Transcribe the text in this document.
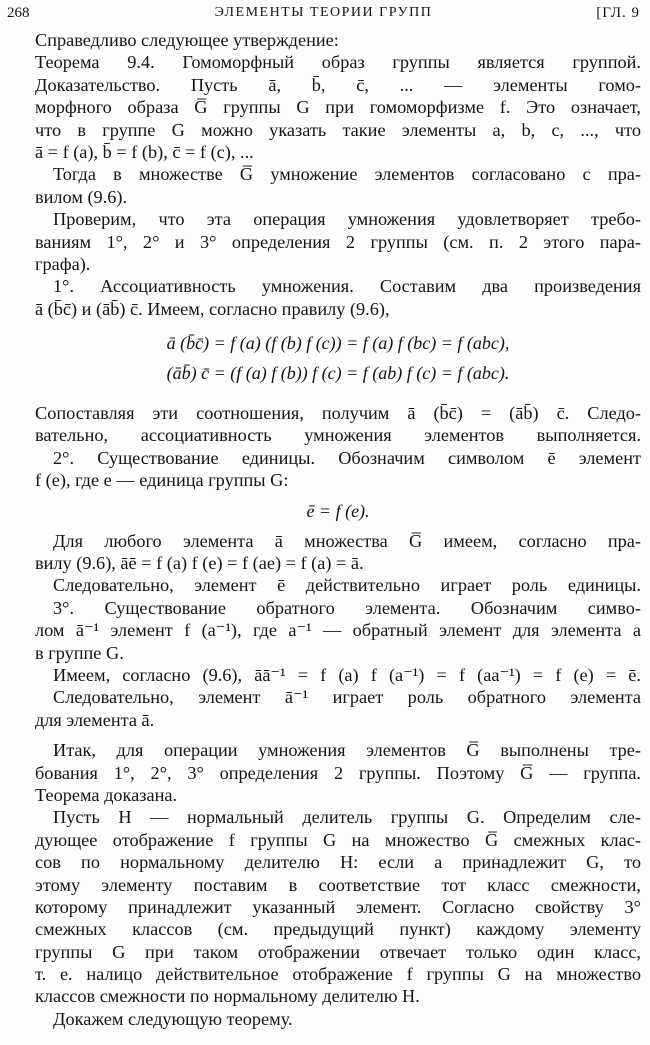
268	ЭЛЕМЕНТЫ ТЕОРИИ ГРУПП	[ГЛ. 9
Справедливо следующее утверждение:
Теорема 9.4. Гомоморфный образ группы является группой.
Доказательство. Пусть ā, b̄, c̄, ... — элементы гомо-
морфного образа G̅ группы G при гомоморфизме f. Это означает,
что в группе G можно указать такие элементы a, b, c, ..., что
ā = f (a), b̄ = f (b), c̄ = f (c), ...
Тогда в множестве G̅ умножение элементов согласовано с пра-
вилом (9.6).
Проверим, что эта операция умножения удовлетворяет требо-
ваниям 1°, 2° и 3° определения 2 группы (см. п. 2 этого пара-
графа).
1°. Ассоциативность умножения. Составим два произведения
ā (b̄c̄) и (āb̄) c̄. Имеем, согласно правилу (9.6),
ā (b̄c̄) = f (a) (f (b) f (c)) = f (a) f (bc) = f (abc),
(āb̄) c̄ = (f (a) f (b)) f (c) = f (ab) f (c) = f (abc).
Сопоставляя эти соотношения, получим ā (b̄c̄) = (āb̄) c̄. Следо-
вательно, ассоциативность умножения элементов выполняется.
2°. Существование единицы. Обозначим символом ē элемент
f (e), где e — единица группы G:
ē = f (e).
Для любого элемента ā множества G̅ имеем, согласно пра-
вилу (9.6), āē = f (a) f (e) = f (ae) = f (a) = ā.
Следовательно, элемент ē действительно играет роль единицы.
3°. Существование обратного элемента. Обозначим симво-
лом ā⁻¹ элемент f (a⁻¹), где a⁻¹ — обратный элемент для элемента a
в группе G.
Имеем, согласно (9.6), āā⁻¹ = f (a) f (a⁻¹) = f (aa⁻¹) = f (e) = ē.
Следовательно, элемент ā⁻¹ играет роль обратного элемента
для элемента ā.
Итак, для операции умножения элементов G̅ выполнены тре-
бования 1°, 2°, 3° определения 2 группы. Поэтому G̅ — группа.
Теорема доказана.
Пусть H — нормальный делитель группы G. Определим сле-
дующее отображение f группы G на множество G̅ смежных клас-
сов по нормальному делителю H: если a принадлежит G, то
этому элементу поставим в соответствие тот класс смежности,
которому принадлежит указанный элемент. Согласно свойству 3°
смежных классов (см. предыдущий пункт) каждому элементу
группы G при таком отображении отвечает только один класс,
т. е. налицо действительное отображение f группы G на множество
классов смежности по нормальному делителю H.
Докажем следующую теорему.
